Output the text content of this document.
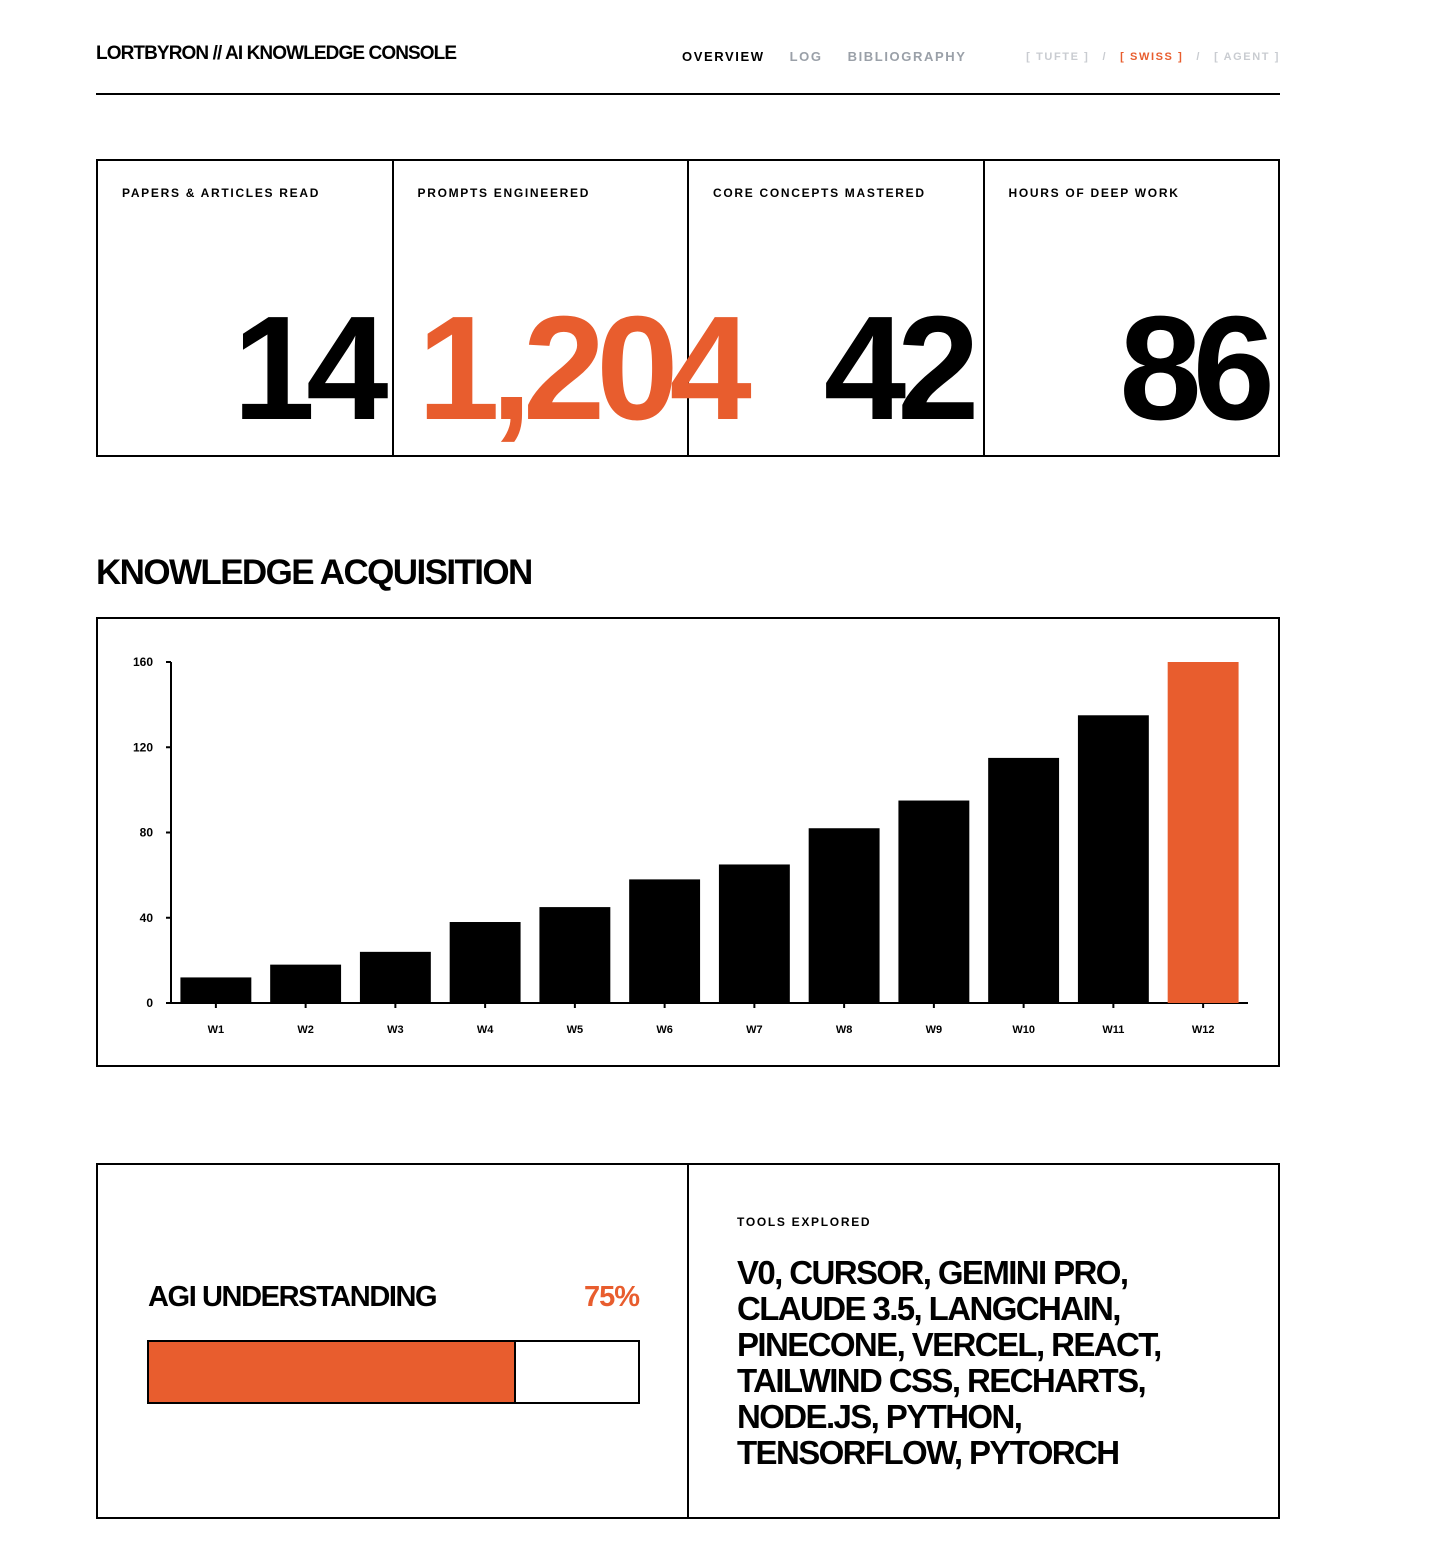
LORTBYRON // AI KNOWLEDGE CONSOLE	OVERVIEW LOG BIBLIOGRAPHY	[ TUFTE ] / [ SWISS ] / [ AGENT ]
PAPERS & ARTICLES READ
14
PROMPTS ENGINEERED
1,204
CORE CONCEPTS MASTERED
42
HOURS OF DEEP WORK
86
KNOWLEDGE ACQUISITION
0
40
80
120
160
W1	W2	W3	W4	W5	W6	W7	W8	W9	W10	W11	W12
AGI UNDERSTANDING	75%
TOOLS EXPLORED
V0, CURSOR, GEMINI PRO, CLAUDE 3.5, LANGCHAIN, PINECONE, VERCEL, REACT, TAILWIND CSS, RECHARTS, NODE.JS, PYTHON, TENSORFLOW, PYTORCH
